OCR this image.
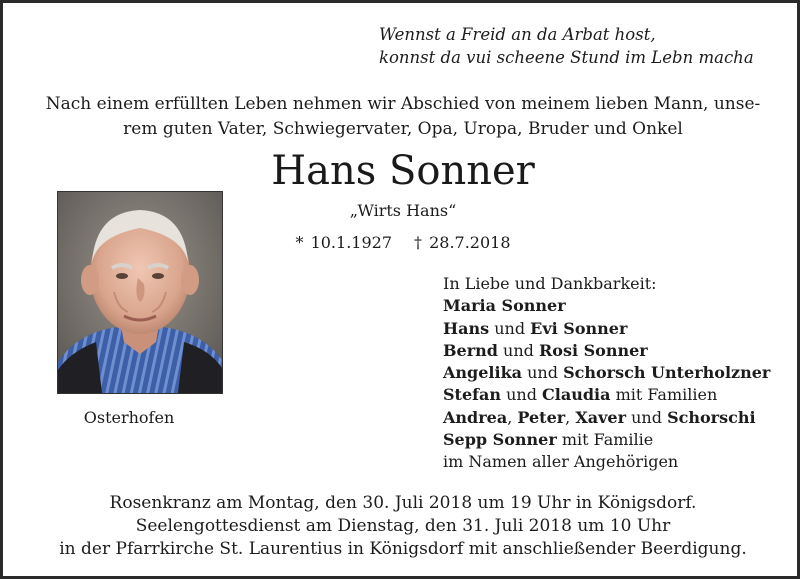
Wennst a Freid an da Arbat host,
konnst da vui scheene Stund im Lebn macha
Nach einem erfüllten Leben nehmen wir Abschied von meinem lieben Mann, unse-
rem guten Vater, Schwiegervater, Opa, Uropa, Bruder und Onkel
Hans Sonner
„Wirts Hans“
* 10.1.1927 † 28.7.2018
Osterhofen
In Liebe und Dankbarkeit:
Maria Sonner
Hans und Evi Sonner
Bernd und Rosi Sonner
Angelika und Schorsch Unterholzner
Stefan und Claudia mit Familien
Andrea, Peter, Xaver und Schorschi
Sepp Sonner mit Familie
im Namen aller Angehörigen
Rosenkranz am Montag, den 30. Juli 2018 um 19 Uhr in Königsdorf.
Seelengottesdienst am Dienstag, den 31. Juli 2018 um 10 Uhr
in der Pfarrkirche St. Laurentius in Königsdorf mit anschließender Beerdigung.
